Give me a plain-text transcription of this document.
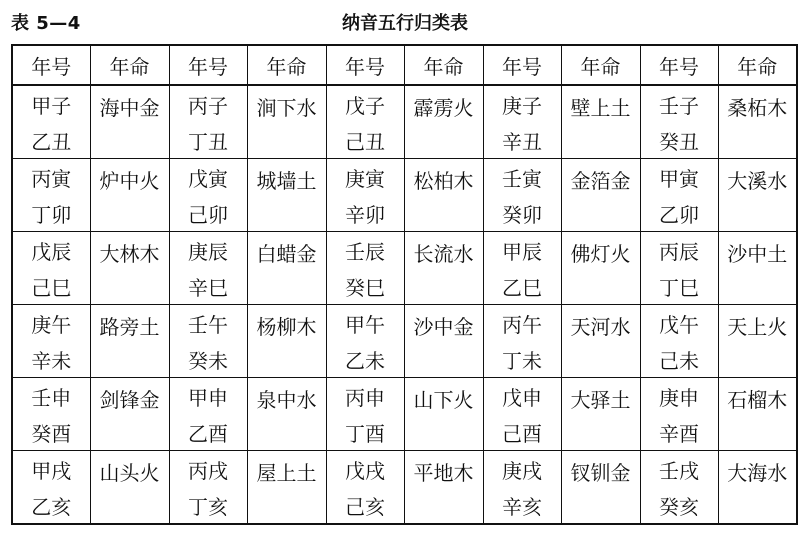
表 5—4	纳音五行归类表
年号	年命	年号	年命	年号	年命	年号	年命	年号	年命
甲子	海中金	丙子	涧下水	戊子	霹雳火	庚子	壁上土	壬子	桑柘木
乙丑		丁丑		己丑		辛丑		癸丑	
丙寅	炉中火	戊寅	城墙土	庚寅	松柏木	壬寅	金箔金	甲寅	大溪水
丁卯		己卯		辛卯		癸卯		乙卯	
戊辰	大林木	庚辰	白蜡金	壬辰	长流水	甲辰	佛灯火	丙辰	沙中土
己巳		辛巳		癸巳		乙巳		丁巳	
庚午	路旁土	壬午	杨柳木	甲午	沙中金	丙午	天河水	戊午	天上火
辛未		癸未		乙未		丁未		己未	
壬申	剑锋金	甲申	泉中水	丙申	山下火	戊申	大驿土	庚申	石榴木
癸酉		乙酉		丁酉		己酉		辛酉	
甲戌	山头火	丙戌	屋上土	戊戌	平地木	庚戌	钗钏金	壬戌	大海水
乙亥		丁亥		己亥		辛亥		癸亥	
